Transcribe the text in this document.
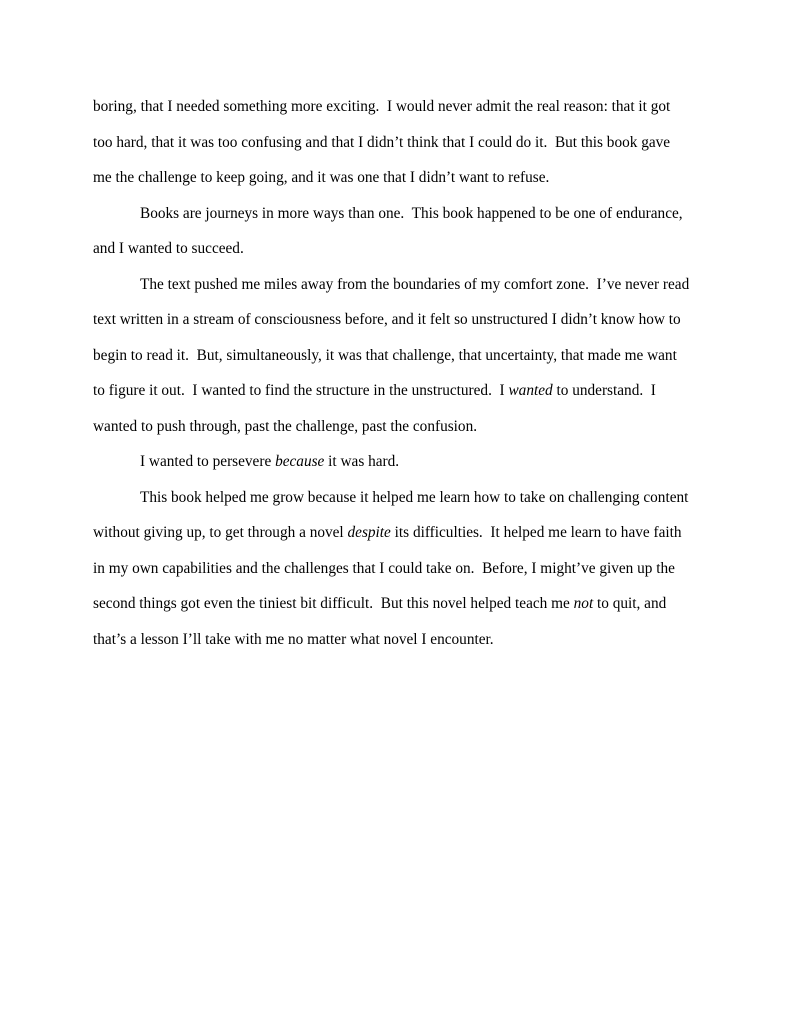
boring, that I needed something more exciting.  I would never admit the real reason: that it got
too hard, that it was too confusing and that I didn’t think that I could do it.  But this book gave
me the challenge to keep going, and it was one that I didn’t want to refuse.

Books are journeys in more ways than one.  This book happened to be one of endurance,
and I wanted to succeed.

The text pushed me miles away from the boundaries of my comfort zone.  I’ve never read
text written in a stream of consciousness before, and it felt so unstructured I didn’t know how to
begin to read it.  But, simultaneously, it was that challenge, that uncertainty, that made me want
to figure it out.  I wanted to find the structure in the unstructured.  I wanted to understand.  I
wanted to push through, past the challenge, past the confusion.

I wanted to persevere because it was hard.

This book helped me grow because it helped me learn how to take on challenging content
without giving up, to get through a novel despite its difficulties.  It helped me learn to have faith
in my own capabilities and the challenges that I could take on.  Before, I might’ve given up the
second things got even the tiniest bit difficult.  But this novel helped teach me not to quit, and
that’s a lesson I’ll take with me no matter what novel I encounter.
